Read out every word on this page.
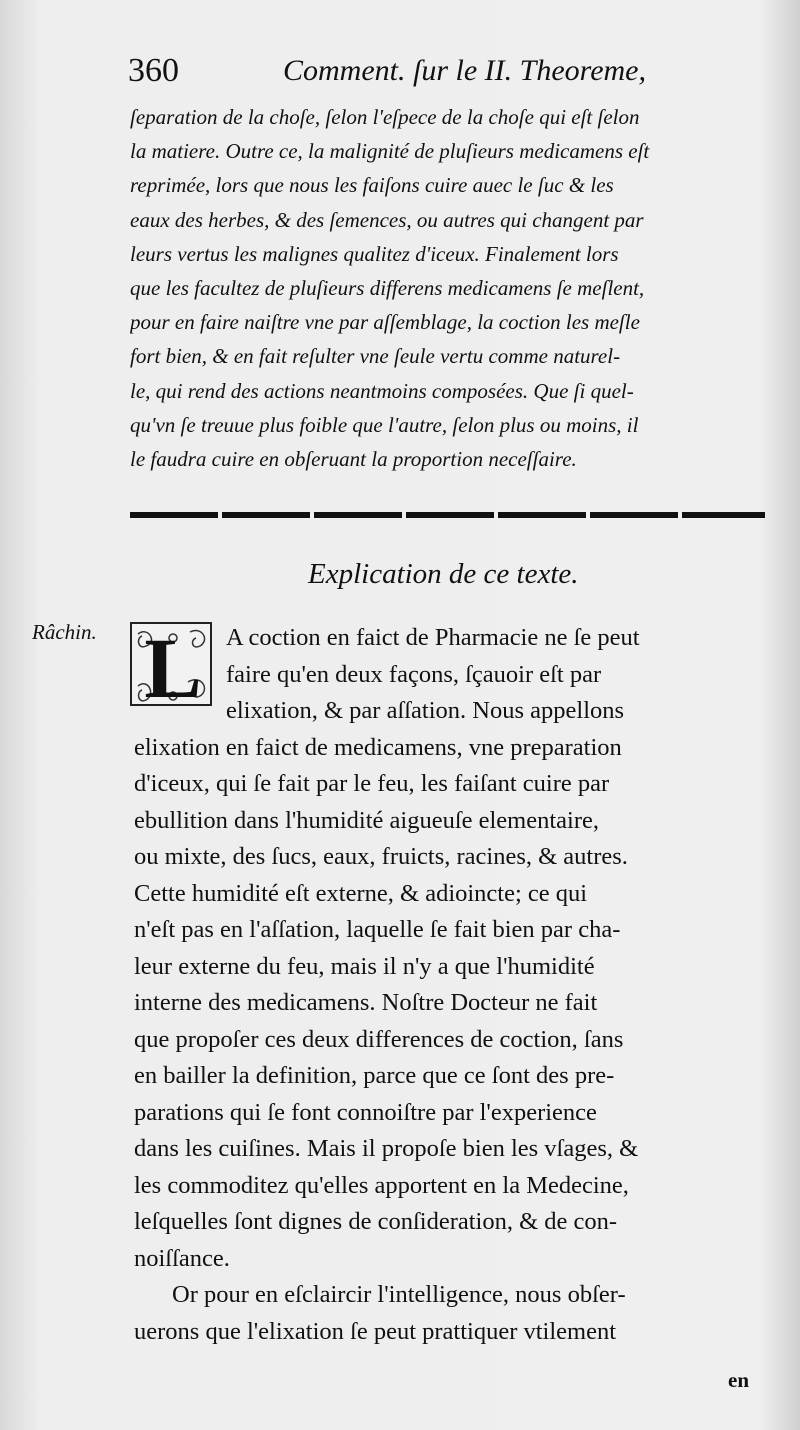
360	Comment. ſur le II. Theoreme,
ſeparation de la choſe, ſelon l'eſpece de la choſe qui eſt ſelon
la matiere. Outre ce, la malignité de pluſieurs medicamens eſt
reprimée, lors que nous les faiſons cuire auec le ſuc & les
eaux des herbes, & des ſemences, ou autres qui changent par
leurs vertus les malignes qualitez d'iceux. Finalement lors
que les facultez de pluſieurs differens medicamens ſe meſlent,
pour en faire naiſtre vne par aſſemblage, la coction les meſle
fort bien, & en fait reſulter vne ſeule vertu comme naturel-
le, qui rend des actions neantmoins composées. Que ſi quel-
qu'vn ſe treuue plus foible que l'autre, ſelon plus ou moins, il
le faudra cuire en obſeruant la proportion neceſſaire.
Explication de ce texte.
Râchin. L A coction en faict de Pharmacie ne ſe peut
faire qu'en deux façons, ſçauoir eſt par
elixation, & par aſſation. Nous appellons
elixation en faict de medicamens, vne preparation
d'iceux, qui ſe fait par le feu, les faiſant cuire par
ebullition dans l'humidité aigueuſe elementaire,
ou mixte, des ſucs, eaux, fruicts, racines, & autres.
Cette humidité eſt externe, & adioincte; ce qui
n'eſt pas en l'aſſation, laquelle ſe fait bien par cha-
leur externe du feu, mais il n'y a que l'humidité
interne des medicamens. Noſtre Docteur ne fait
que propoſer ces deux differences de coction, ſans
en bailler la definition, parce que ce ſont des pre-
parations qui ſe font connoiſtre par l'experience
dans les cuiſines. Mais il propoſe bien les vſages, &
les commoditez qu'elles apportent en la Medecine,
leſquelles ſont dignes de conſideration, & de con-
noiſſance.
Or pour en eſclaircir l'intelligence, nous obſer-
uerons que l'elixation ſe peut prattiquer vtilement
en
